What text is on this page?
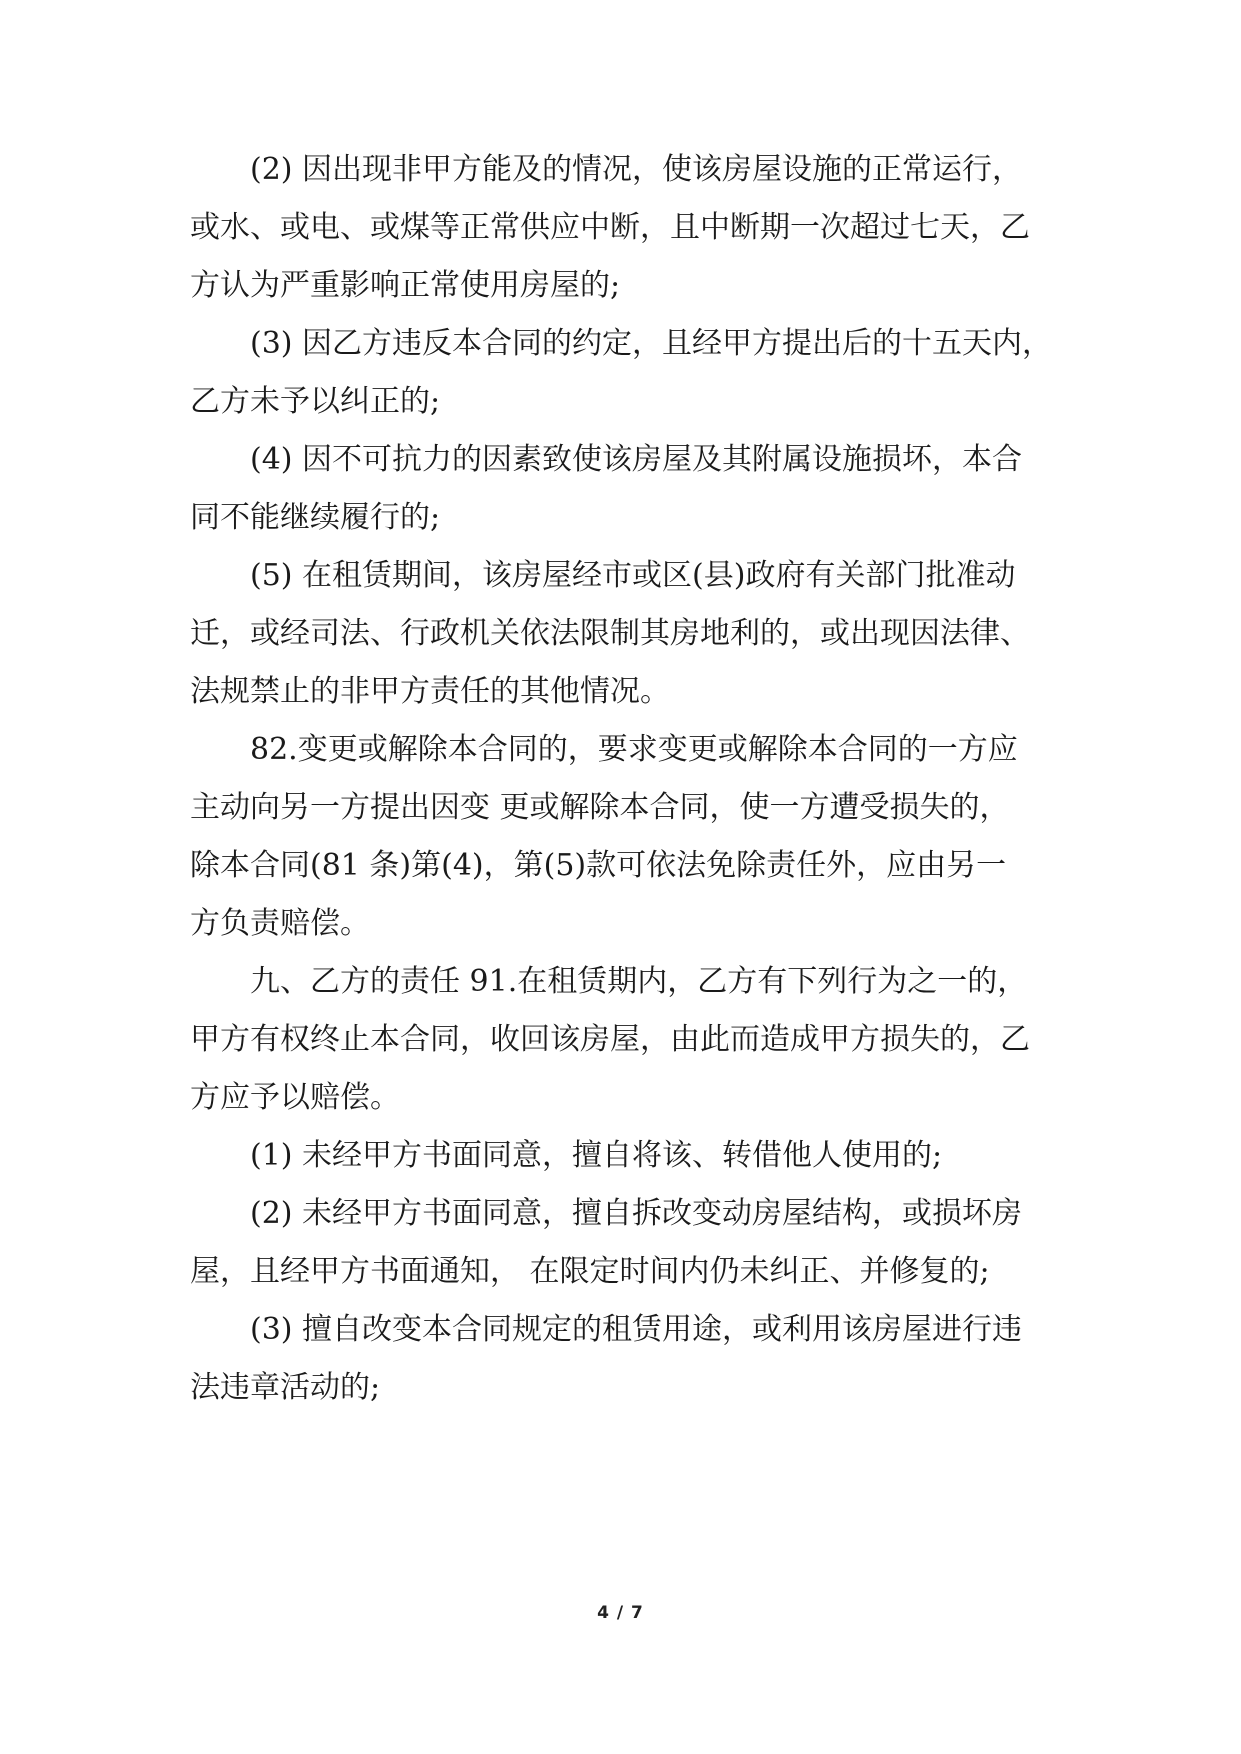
(2) 因出现非甲方能及的情况，使该房屋设施的正常运行，
或水、或电、或煤等正常供应中断，且中断期一次超过七天，乙
方认为严重影响正常使用房屋的;
(3) 因乙方违反本合同的约定，且经甲方提出后的十五天内，
乙方未予以纠正的;
(4) 因不可抗力的因素致使该房屋及其附属设施损坏，本合
同不能继续履行的;
(5) 在租赁期间，该房屋经市或区(县)政府有关部门批准动
迁，或经司法、行政机关依法限制其房地利的，或出现因法律、
法规禁止的非甲方责任的其他情况。
82.变更或解除本合同的，要求变更或解除本合同的一方应
主动向另一方提出因变 更或解除本合同，使一方遭受损失的，
除本合同(81 条)第(4)，第(5)款可依法免除责任外，应由另一
方负责赔偿。
九、乙方的责任 91.在租赁期内，乙方有下列行为之一的，
甲方有权终止本合同，收回该房屋，由此而造成甲方损失的，乙
方应予以赔偿。
(1) 未经甲方书面同意，擅自将该、转借他人使用的;
(2) 未经甲方书面同意，擅自拆改变动房屋结构，或损坏房
屋，且经甲方书面通知， 在限定时间内仍未纠正、并修复的;
(3) 擅自改变本合同规定的租赁用途，或利用该房屋进行违
法违章活动的;
4 / 7
